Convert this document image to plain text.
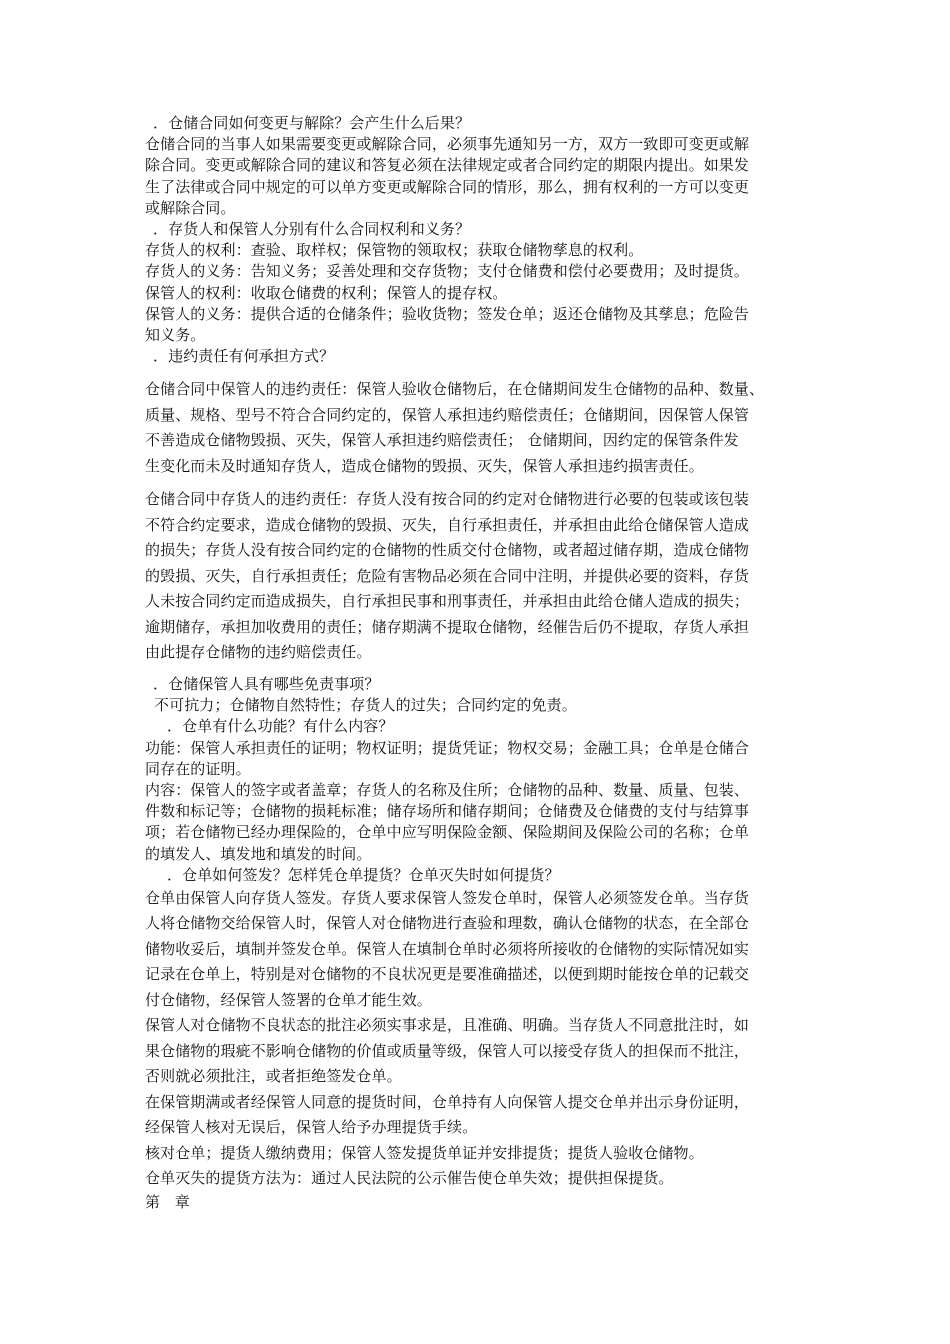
．仓储合同如何变更与解除？会产生什么后果？
仓储合同的当事人如果需要变更或解除合同，必须事先通知另一方，双方一致即可变更或解
除合同。变更或解除合同的建议和答复必须在法律规定或者合同约定的期限内提出。如果发
生了法律或合同中规定的可以单方变更或解除合同的情形，那么，拥有权利的一方可以变更
或解除合同。
．存货人和保管人分别有什么合同权利和义务？
存货人的权利：查验、取样权；保管物的领取权；获取仓储物孳息的权利。
存货人的义务：告知义务；妥善处理和交存货物；支付仓储费和偿付必要费用；及时提货。
保管人的权利：收取仓储费的权利；保管人的提存权。
保管人的义务：提供合适的仓储条件；验收货物；签发仓单；返还仓储物及其孳息；危险告
知义务。
．违约责任有何承担方式？
仓储合同中保管人的违约责任：保管人验收仓储物后，在仓储期间发生仓储物的品种、数量、
质量、规格、型号不符合合同约定的，保管人承担违约赔偿责任；仓储期间，因保管人保管
不善造成仓储物毁损、灭失，保管人承担违约赔偿责任； 仓储期间，因约定的保管条件发
生变化而未及时通知存货人，造成仓储物的毁损、灭失，保管人承担违约损害责任。
仓储合同中存货人的违约责任：存货人没有按合同的约定对仓储物进行必要的包装或该包装
不符合约定要求，造成仓储物的毁损、灭失，自行承担责任，并承担由此给仓储保管人造成
的损失；存货人没有按合同约定的仓储物的性质交付仓储物，或者超过储存期，造成仓储物
的毁损、灭失，自行承担责任；危险有害物品必须在合同中注明，并提供必要的资料，存货
人未按合同约定而造成损失，自行承担民事和刑事责任，并承担由此给仓储人造成的损失；
逾期储存，承担加收费用的责任；储存期满不提取仓储物，经催告后仍不提取，存货人承担
由此提存仓储物的违约赔偿责任。
．仓储保管人具有哪些免责事项？
不可抗力；仓储物自然特性；存货人的过失；合同约定的免责。
．仓单有什么功能？有什么内容？
功能：保管人承担责任的证明；物权证明；提货凭证；物权交易；金融工具；仓单是仓储合
同存在的证明。
内容：保管人的签字或者盖章；存货人的名称及住所；仓储物的品种、数量、质量、包装、
件数和标记等；仓储物的损耗标准；储存场所和储存期间；仓储费及仓储费的支付与结算事
项；若仓储物已经办理保险的，仓单中应写明保险金额、保险期间及保险公司的名称；仓单
的填发人、填发地和填发的时间。
．仓单如何签发？怎样凭仓单提货？仓单灭失时如何提货？
仓单由保管人向存货人签发。存货人要求保管人签发仓单时，保管人必须签发仓单。当存货
人将仓储物交给保管人时，保管人对仓储物进行查验和理数，确认仓储物的状态，在全部仓
储物收妥后，填制并签发仓单。保管人在填制仓单时必须将所接收的仓储物的实际情况如实
记录在仓单上，特别是对仓储物的不良状况更是要准确描述，以便到期时能按仓单的记载交
付仓储物，经保管人签署的仓单才能生效。
保管人对仓储物不良状态的批注必须实事求是，且准确、明确。当存货人不同意批注时，如
果仓储物的瑕疵不影响仓储物的价值或质量等级，保管人可以接受存货人的担保而不批注，
否则就必须批注，或者拒绝签发仓单。
在保管期满或者经保管人同意的提货时间，仓单持有人向保管人提交仓单并出示身份证明，
经保管人核对无误后，保管人给予办理提货手续。
核对仓单；提货人缴纳费用；保管人签发提货单证并安排提货；提货人验收仓储物。
仓单灭失的提货方法为：通过人民法院的公示催告使仓单失效；提供担保提货。
第   章
